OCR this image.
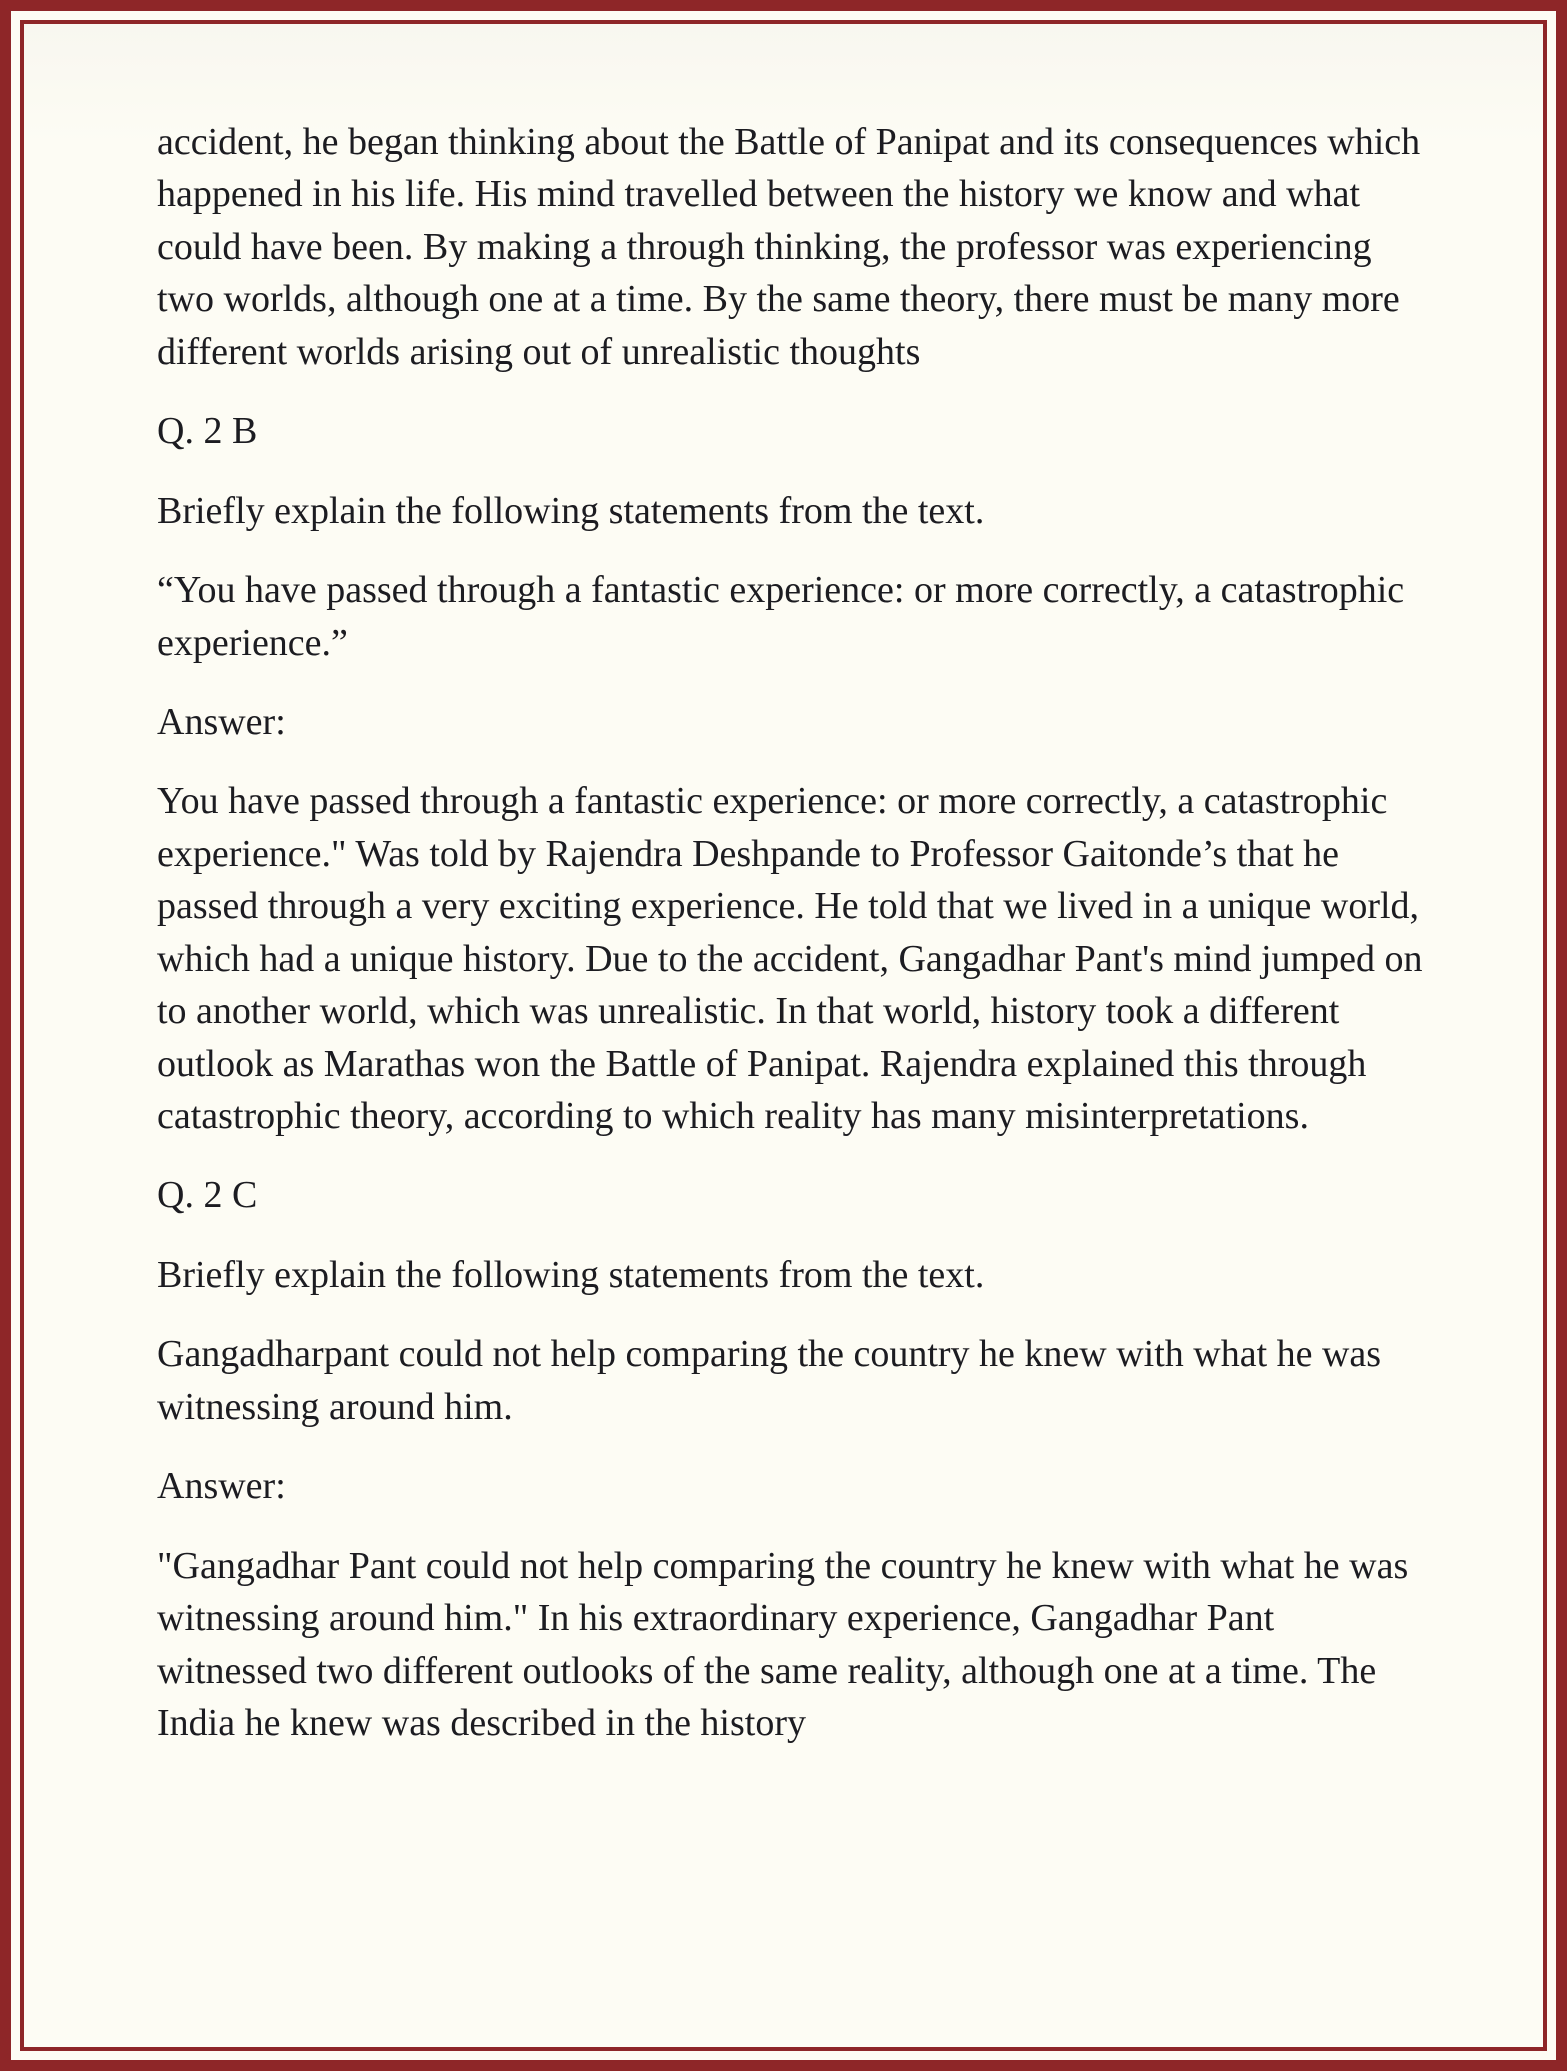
accident, he began thinking about the Battle of Panipat and its consequences which happened in his life. His mind travelled between the history we know and what could have been. By making a through thinking, the professor was experiencing two worlds, although one at a time. By the same theory, there must be many more different worlds arising out of unrealistic thoughts

Q. 2 B

Briefly explain the following statements from the text.

“You have passed through a fantastic experience: or more correctly, a catastrophic experience.”

Answer:

You have passed through a fantastic experience: or more correctly, a catastrophic experience." Was told by Rajendra Deshpande to Professor Gaitonde’s that he passed through a very exciting experience. He told that we lived in a unique world, which had a unique history. Due to the accident, Gangadhar Pant's mind jumped on to another world, which was unrealistic. In that world, history took a different outlook as Marathas won the Battle of Panipat. Rajendra explained this through catastrophic theory, according to which reality has many misinterpretations.

Q. 2 C

Briefly explain the following statements from the text.

Gangadharpant could not help comparing the country he knew with what he was witnessing around him.

Answer:

"Gangadhar Pant could not help comparing the country he knew with what he was witnessing around him." In his extraordinary experience, Gangadhar Pant witnessed two different outlooks of the same reality, although one at a time. The India he knew was described in the history
